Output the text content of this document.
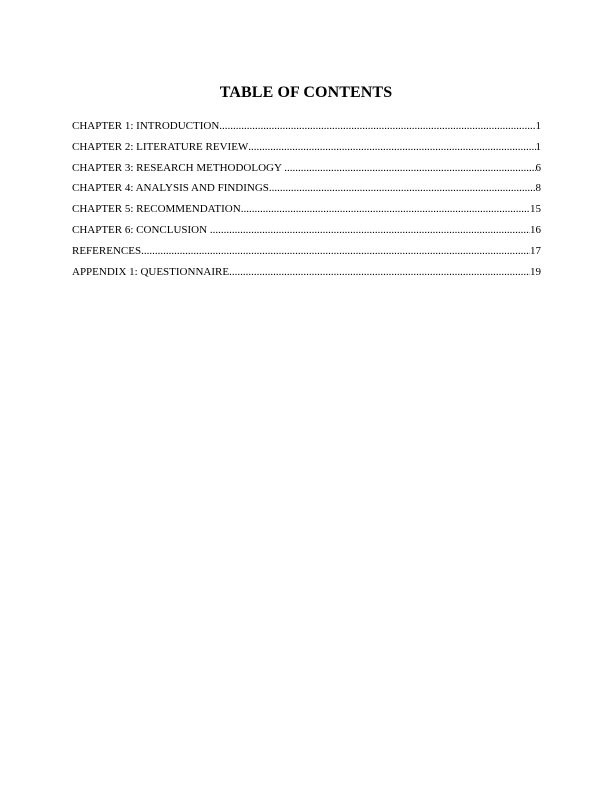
TABLE OF CONTENTS
CHAPTER 1: INTRODUCTION .....	1
CHAPTER 2: LITERATURE REVIEW .....	1
CHAPTER 3: RESEARCH METHODOLOGY .....	6
CHAPTER 4: ANALYSIS AND FINDINGS .....	8
CHAPTER 5: RECOMMENDATION .....	15
CHAPTER 6: CONCLUSION .....	16
REFERENCES .....	17
APPENDIX 1: QUESTIONNAIRE .....	19
